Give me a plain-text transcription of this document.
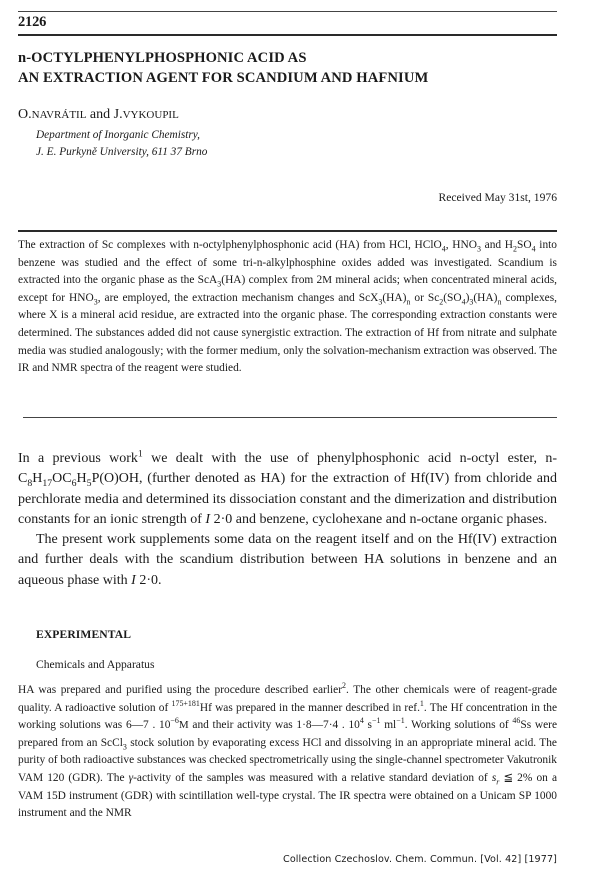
2126
n-OCTYLPHENYLPHOSPHONIC ACID AS
AN EXTRACTION AGENT FOR SCANDIUM AND HAFNIUM
O.NAVRÁTIL and J.VYKOUPIL
Department of Inorganic Chemistry,
J. E. Purkyně University, 611 37 Brno
Received May 31st, 1976
The extraction of Sc complexes with n-octylphenylphosphonic acid (HA) from HCl, HClO$_4$, $HNO_3$ and $H_2SO_4$ into benzene was studied and the effect of some tri-n-alkylphosphine oxides added was investigated. Scandium is extracted into the organic phase as the ScA$_3$(HA) complex from 2M mineral acids; when concentrated mineral acids, except for $HNO_3$, are employed, the extraction mechanism changes and $ScX_3(HA)_n$ or $Sc_2(SO_4)_3(HA)_n$ complexes, where X is a mineral acid residue, are extracted into the organic phase. The corresponding extraction constants were determined. The substances added did not cause synergistic extraction. The extraction of Hf from nitrate and sulphate media was studied analogously; with the former medium, only the solvation-mechanism extraction was observed. The IR and NMR spectra of the reagent were studied.

In a previous work$^1$ we dealt with the use of phenylphosphonic acid n-octyl ester, $n-C_8H_{17}OC_6H_5P(O)OH$, (further denoted as HA) for the extraction of Hf(IV) from chloride and perchlorate media and determined its dissociation constant and the dimerization and distribution constants for an ionic strength of I 2·0 and benzene, cyclohexane and n-octane organic phases.

The present work supplements some data on the reagent itself and on the Hf(IV) extraction and further deals with the scandium distribution between HA solutions in benzene and an aqueous phase with I 2·0.

EXPERIMENTAL
Chemicals and Apparatus
HA was prepared and purified using the procedure described earlier$^2$. The other chemicals were of reagent-grade quality. A radioactive solution of $^{175+181}$Hf was prepared in the manner described in ref.$^1$. The Hf concentration in the working solutions was 6—7 . $10^{-6}M$ and their activity was 1·8—7·4 . $10^4$ $s^{-1}$ $ml^{-1}$. Working solutions of $^{46}$Ss were prepared from an ScCl$_3$ stock solution by evaporating excess HCl and dissolving in an appropriate mineral acid. The purity of both radioactive substances was checked spectrometrically using the single-channel spectrometer Vakutronik VAM 120 (GDR). The γ-activity of the samples was measured with a relative standard deviation of $s_r$ ≦ 2% on a VAM 15D instrument (GDR) with scintillation well-type crystal. The IR spectra were obtained on a Unicam SP 1000 instrument and the NMR
Collection Czechoslov. Chem. Commun. [Vol. 42] [1977]
